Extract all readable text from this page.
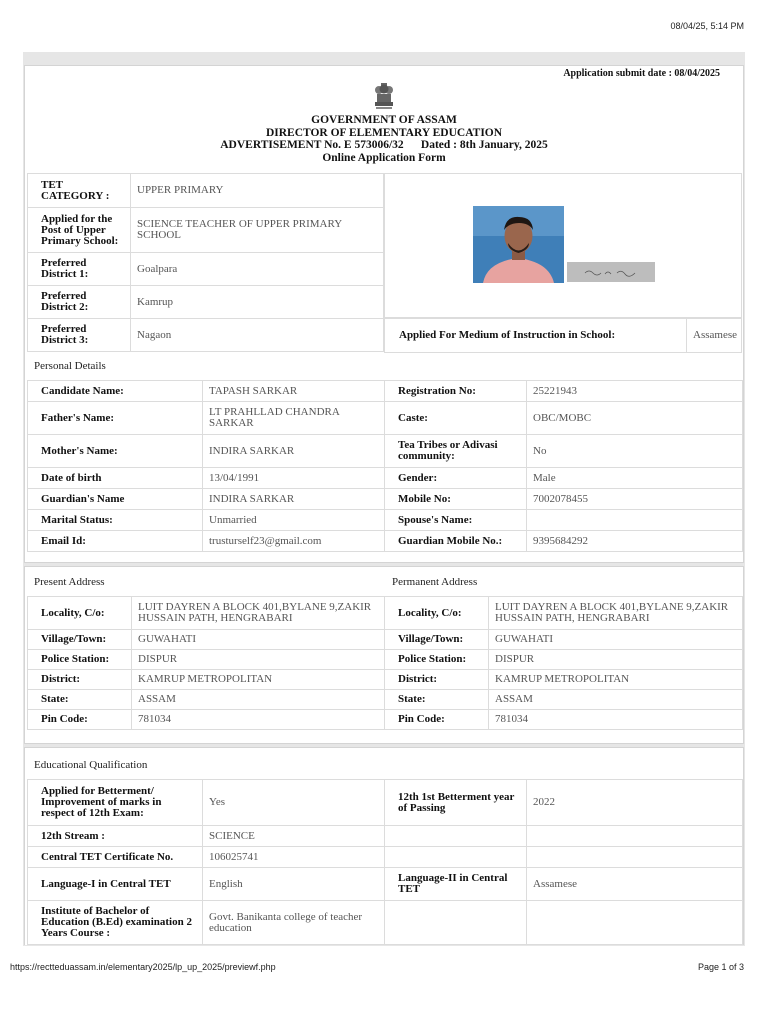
08/04/25, 5:14 PM
Application submit date : 08/04/2025
GOVERNMENT OF ASSAM
DIRECTOR OF ELEMENTARY EDUCATION
ADVERTISEMENT No. E 573006/32 Dated : 8th January, 2025
Online Application Form
TET CATEGORY :	UPPER PRIMARY
Applied for the Post of Upper Primary School:	SCIENCE TEACHER OF UPPER PRIMARY SCHOOL
Preferred District 1:	Goalpara
Preferred District 2:	Kamrup
Preferred District 3:	Nagaon	Applied For Medium of Instruction in School:	Assamese
Personal Details
Candidate Name:	TAPASH SARKAR	Registration No:	25221943
Father's Name:	LT PRAHLLAD CHANDRA SARKAR	Caste:	OBC/MOBC
Mother's Name:	INDIRA SARKAR	Tea Tribes or Adivasi community:	No
Date of birth	13/04/1991	Gender:	Male
Guardian's Name	INDIRA SARKAR	Mobile No:	7002078455
Marital Status:	Unmarried	Spouse's Name:	
Email Id:	trusturself23@gmail.com	Guardian Mobile No.:	9395684292
Present Address	Permanent Address
Locality, C/o:	LUIT DAYREN A BLOCK 401,BYLANE 9,ZAKIR HUSSAIN PATH, HENGRABARI	Locality, C/o:	LUIT DAYREN A BLOCK 401,BYLANE 9,ZAKIR HUSSAIN PATH, HENGRABARI
Village/Town:	GUWAHATI	Village/Town:	GUWAHATI
Police Station:	DISPUR	Police Station:	DISPUR
District:	KAMRUP METROPOLITAN	District:	KAMRUP METROPOLITAN
State:	ASSAM	State:	ASSAM
Pin Code:	781034	Pin Code:	781034
Educational Qualification
Applied for Betterment/ Improvement of marks in respect of 12th Exam:	Yes	12th 1st Betterment year of Passing	2022
12th Stream :	SCIENCE		
Central TET Certificate No.	106025741		
Language-I in Central TET	English	Language-II in Central TET	Assamese
Institute of Bachelor of Education (B.Ed) examination 2 Years Course :	Govt. Banikanta college of teacher education		
https://rectteduassam.in/elementary2025/lp_up_2025/previewf.php	Page 1 of 3
